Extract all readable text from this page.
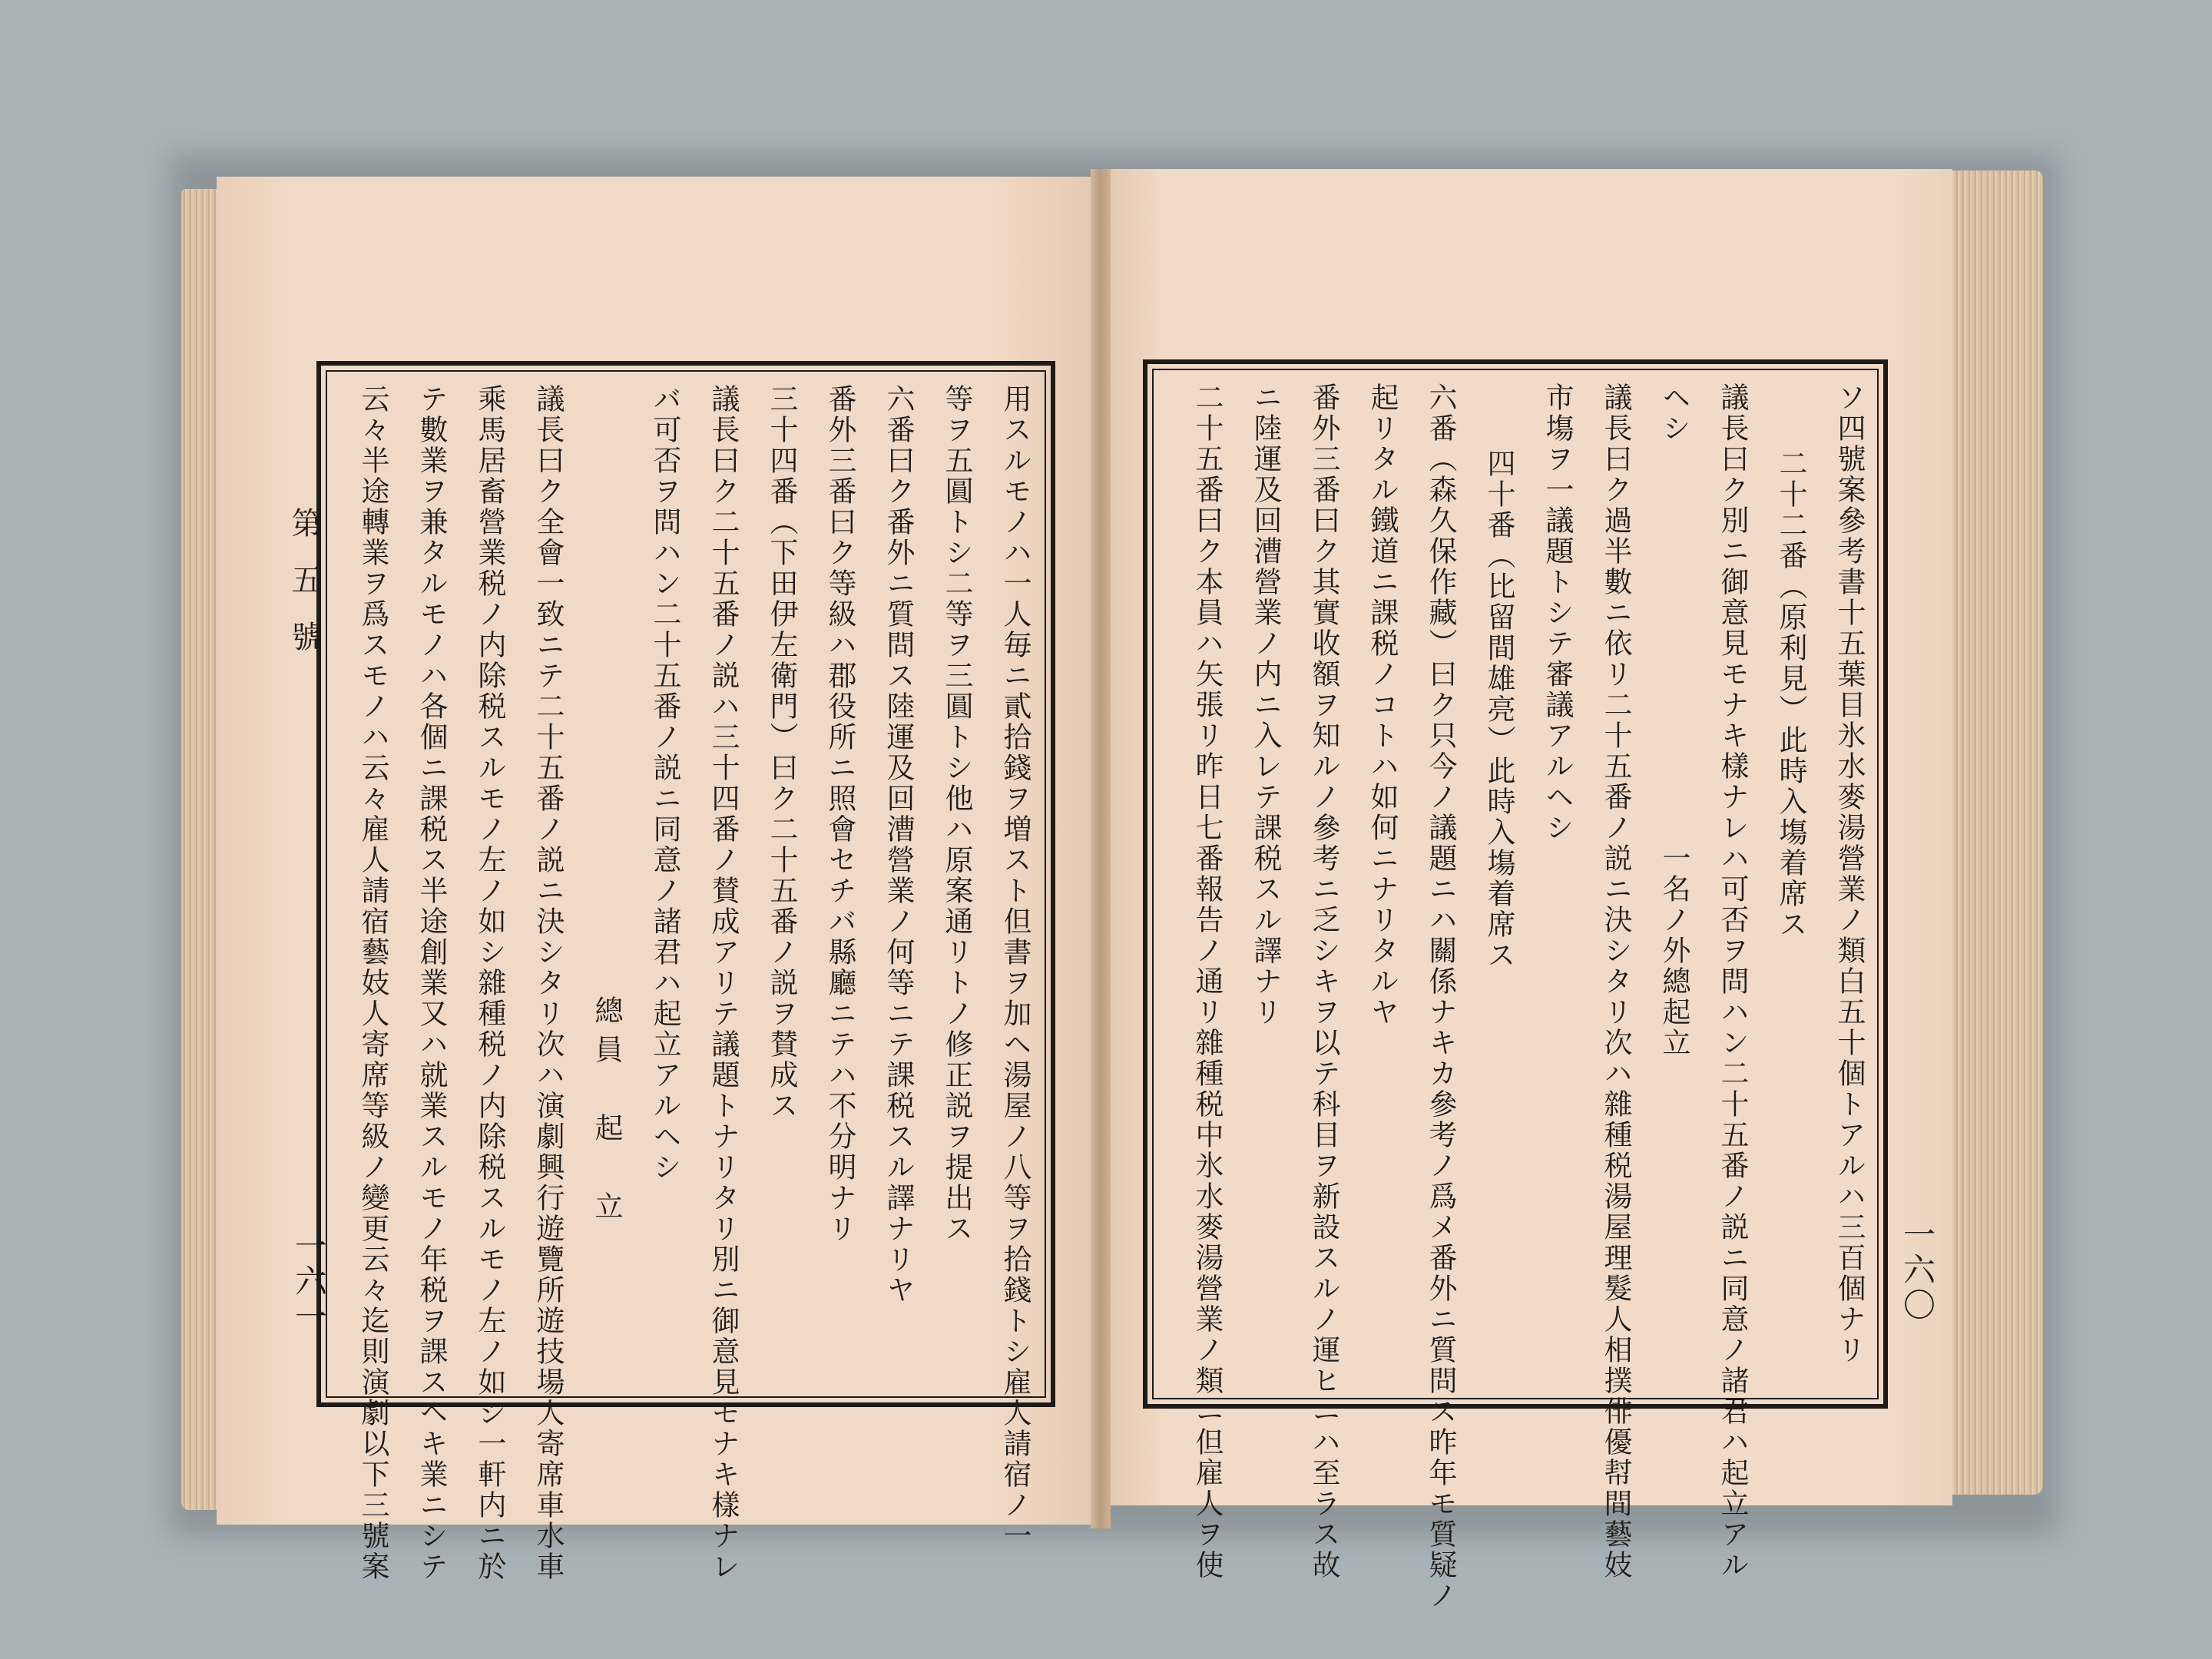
第五號
一六一	一六〇
用スルモノハ一人毎ニ貳拾錢ヲ増スト但書ヲ加ヘ湯屋ノ八等ヲ拾錢トシ雇人請宿ノ一
等ヲ五圓トシ二等ヲ三圓トシ他ハ原案通リトノ修正説ヲ提出ス
六番曰ク番外ニ質問ス陸運及回漕營業ノ何等ニテ課税スル譯ナリヤ
番外三番曰ク等級ハ郡役所ニ照會セチバ縣廳ニテハ不分明ナリ
三十四番（下田伊左衛門）曰ク二十五番ノ説ヲ賛成ス
議長曰ク二十五番ノ説ハ三十四番ノ賛成アリテ議題トナリタリ別ニ御意見モナキ樣ナレ
バ可否ヲ問ハン二十五番ノ説ニ同意ノ諸君ハ起立アルヘシ
總員　起　立
議長曰ク全會一致ニテ二十五番ノ説ニ決シタリ次ハ演劇興行遊覽所遊技場人寄席車水車
乘馬居畜營業税ノ内除税スルモノ左ノ如シ雜種税ノ内除税スルモノ左ノ如シ一軒内ニ於
テ數業ヲ兼タルモノハ各個ニ課税ス半途創業又ハ就業スルモノ年税ヲ課スヘキ業ニシテ
云々半途轉業ヲ爲スモノハ云々雇人請宿藝妓人寄席等級ノ變更云々迄則演劇以下三號案	ソ四號案參考書十五葉目氷水麥湯營業ノ類白五十個トアルハ三百個ナリ
二十二番（原利見）此時入塲着席ス
議長曰ク別ニ御意見モナキ樣ナレハ可否ヲ問ハン二十五番ノ説ニ同意ノ諸君ハ起立アル
ヘシ　　　　　　　　　　　　　一名ノ外總起立
議長曰ク過半數ニ依リ二十五番ノ説ニ決シタリ次ハ雜種税湯屋理髮人相撲俳優幇間藝妓
市塲ヲ一議題トシテ審議アルヘシ
四十番（比留間雄亮）此時入塲着席ス
六番（森久保作藏）曰ク只今ノ議題ニハ關係ナキカ參考ノ爲メ番外ニ質問ス昨年モ質疑ノ
起リタル鐵道ニ課税ノコトハ如何ニナリタルヤ
番外三番曰ク其實收額ヲ知ルノ參考ニ乏シキヲ以テ科目ヲ新設スルノ運ヒニハ至ラス故
ニ陸運及回漕營業ノ内ニ入レテ課税スル譯ナリ
二十五番曰ク本員ハ矢張リ昨日七番報告ノ通リ雜種税中氷水麥湯營業ノ類ニ但雇人ヲ使
